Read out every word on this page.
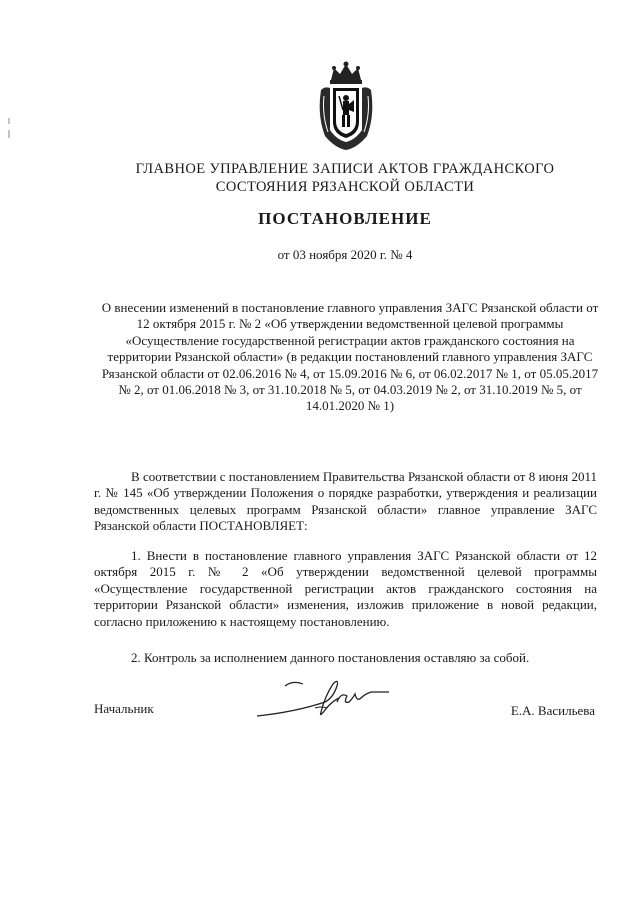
ГЛАВНОЕ УПРАВЛЕНИЕ ЗАПИСИ АКТОВ ГРАЖДАНСКОГО
СОСТОЯНИЯ РЯЗАНСКОЙ ОБЛАСТИ
ПОСТАНОВЛЕНИЕ
от 03 ноября 2020 г. № 4
О внесении изменений в постановление главного управления ЗАГС Рязанской области от 12 октября 2015 г. № 2 «Об утверждении ведомственной целевой программы «Осуществление государственной регистрации актов гражданского состояния на территории Рязанской области» (в редакции постановлений главного управления ЗАГС Рязанской области от 02.06.2016 № 4, от 15.09.2016 № 6, от 06.02.2017 № 1, от 05.05.2017 № 2, от 01.06.2018 № 3, от 31.10.2018 № 5, от 04.03.2019 № 2, от 31.10.2019 № 5, от 14.01.2020 № 1)
В соответствии с постановлением Правительства Рязанской области от 8 июня 2011 г. № 145 «Об утверждении Положения о порядке разработки, утверждения и реализации ведомственных целевых программ Рязанской области» главное управление ЗАГС Рязанской области ПОСТАНОВЛЯЕТ:
1. Внести в постановление главного управления ЗАГС Рязанской области от 12 октября 2015 г. № 2 «Об утверждении ведомственной целевой программы «Осуществление государственной регистрации актов гражданского состояния на территории Рязанской области» изменения, изложив приложение в новой редакции, согласно приложению к настоящему постановлению.
2. Контроль за исполнением данного постановления оставляю за собой.
Начальник	Е.А. Васильева
